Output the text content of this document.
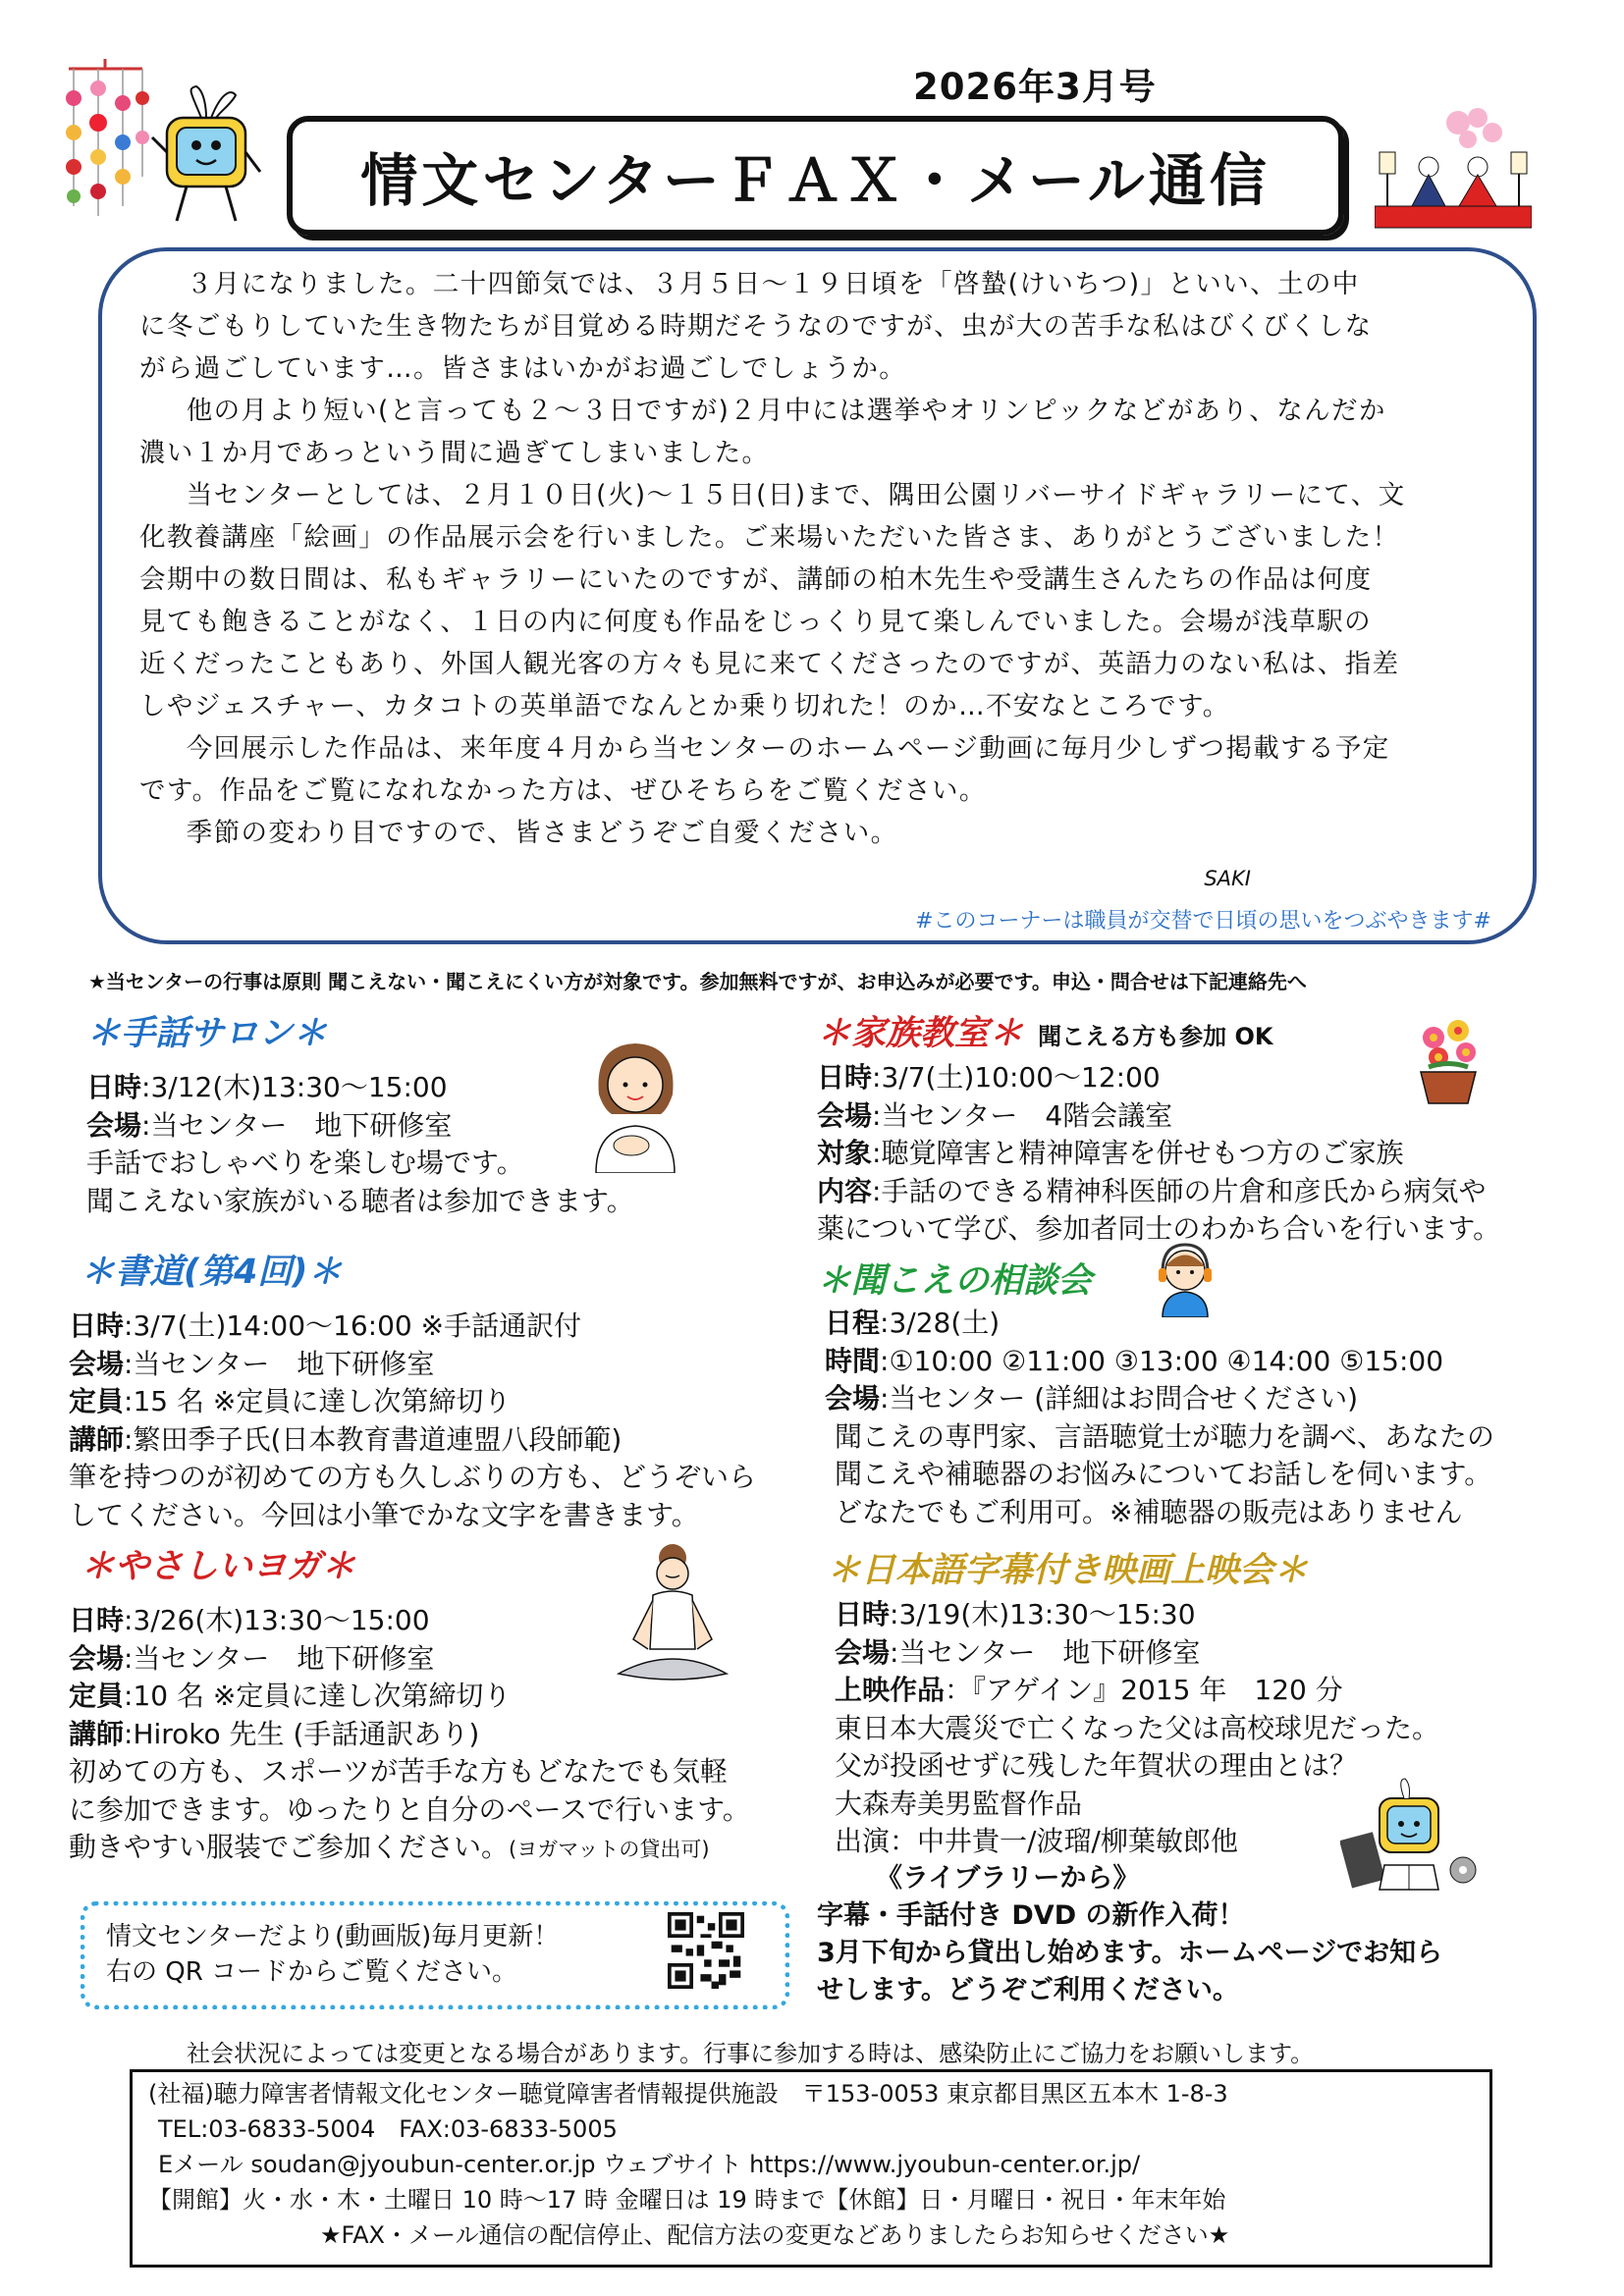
2026年3月号
情文センターＦＡＸ・メール通信

３月になりました。二十四節気では、３月５日～１９日頃を「啓蟄(けいちつ)」といい、土の中

に冬ごもりしていた生き物たちが目覚める時期だそうなのですが、虫が大の苦手な私はびくびくしな

がら過ごしています…。皆さまはいかがお過ごしでしょうか。

他の月より短い(と言っても２～３日ですが)２月中には選挙やオリンピックなどがあり、なんだか

濃い１か月であっという間に過ぎてしまいました。

当センターとしては、２月１０日(火)～１５日(日)まで、隅田公園リバーサイドギャラリーにて、文

化教養講座「絵画」の作品展示会を行いました。ご来場いただいた皆さま、ありがとうございました！

会期中の数日間は、私もギャラリーにいたのですが、講師の柏木先生や受講生さんたちの作品は何度

見ても飽きることがなく、１日の内に何度も作品をじっくり見て楽しんでいました。会場が浅草駅の

近くだったこともあり、外国人観光客の方々も見に来てくださったのですが、英語力のない私は、指差

しやジェスチャー、カタコトの英単語でなんとか乗り切れた！のか…不安なところです。

今回展示した作品は、来年度４月から当センターのホームページ動画に毎月少しずつ掲載する予定

です。作品をご覧になれなかった方は、ぜひそちらをご覧ください。

季節の変わり目ですので、皆さまどうぞご自愛ください。

SAKI
#このコーナーは職員が交替で日頃の思いをつぶやきます#
★当センターの行事は原則 聞こえない・聞こえにくい方が対象です。参加無料ですが、お申込みが必要です。申込・問合せは下記連絡先へ
＊手話サロン＊
日時:3/12(木)13:30～15:00
会場:当センター　地下研修室
手話でおしゃべりを楽しむ場です。
聞こえない家族がいる聴者は参加できます。
＊書道(第4回)＊
日時:3/7(土)14:00～16:00 ※手話通訳付
会場:当センター　地下研修室
定員:15 名 ※定員に達し次第締切り
講師:繁田季子氏(日本教育書道連盟八段師範)
筆を持つのが初めての方も久しぶりの方も、どうぞいら
してください。今回は小筆でかな文字を書きます。
＊やさしいヨガ＊
日時:3/26(木)13:30～15:00
会場:当センター　地下研修室
定員:10 名 ※定員に達し次第締切り
講師:Hiroko 先生 (手話通訳あり)
初めての方も、スポーツが苦手な方もどなたでも気軽
に参加できます。ゆったりと自分のペースで行います。
動きやすい服装でご参加ください。(ヨガマットの貸出可)
情文センターだより(動画版)毎月更新！
右の QR コードからご覧ください。
＊家族教室＊ 聞こえる方も参加 OK
日時:3/7(土)10:00～12:00
会場:当センター　4階会議室
対象:聴覚障害と精神障害を併せもつ方のご家族
内容:手話のできる精神科医師の片倉和彦氏から病気や
薬について学び、参加者同士のわかち合いを行います。
＊聞こえの相談会
日程:3/28(土)
時間:①10:00 ②11:00 ③13:00 ④14:00 ⑤15:00
会場:当センター (詳細はお問合せください)
聞こえの専門家、言語聴覚士が聴力を調べ、あなたの
聞こえや補聴器のお悩みについてお話しを伺います。
どなたでもご利用可。※補聴器の販売はありません
＊日本語字幕付き映画上映会＊
日時:3/19(木)13:30～15:30
会場:当センター　地下研修室
上映作品：『アゲイン』2015 年　120 分
東日本大震災で亡くなった父は高校球児だった。
父が投函せずに残した年賀状の理由とは？
大森寿美男監督作品
出演：中井貴一/波瑠/柳葉敏郎他
《ライブラリーから》
字幕・手話付き DVD の新作入荷！
3月下旬から貸出し始めます。ホームページでお知ら
せします。どうぞご利用ください。
社会状況によっては変更となる場合があります。行事に参加する時は、感染防止にご協力をお願いします。
(社福)聴力障害者情報文化センター聴覚障害者情報提供施設　〒153-0053 東京都目黒区五本木 1-8-3
TEL:03-6833-5004　FAX:03-6833-5005
Eメール soudan@jyoubun-center.or.jp ウェブサイト https://www.jyoubun-center.or.jp/
【開館】火・水・木・土曜日 10 時～17 時 金曜日は 19 時まで【休館】日・月曜日・祝日・年末年始
★FAX・メール通信の配信停止、配信方法の変更などありましたらお知らせください★
